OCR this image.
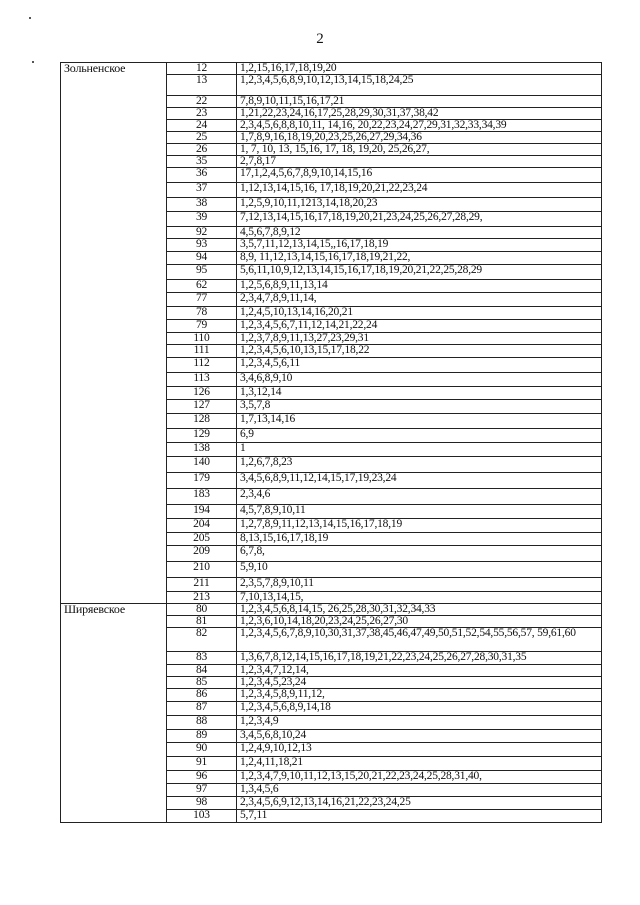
2
Зольненское	12	1,2,15,16,17,18,19,20
	13	1,2,3,4,5,6,8,9,10,12,13,14,15,18,24,25
	22	7,8,9,10,11,15,16,17,21
	23	1,21,22,23,24,16,17,25,28,29,30,31,37,38,42
	24	2,3,4,5,6,8,8,10,11, 14,16, 20,22,23,24,27,29,31,32,33,34,39
	25	1,7,8,9,16,18,19,20,23,25,26,27,29,34,36
	26	1, 7, 10, 13, 15,16, 17, 18, 19,20, 25,26,27,
	35	2,7,8,17
	36	17,1,2,4,5,6,7,8,9,10,14,15,16
	37	1,12,13,14,15,16, 17,18,19,20,21,22,23,24
	38	1,2,5,9,10,11,1213,14,18,20,23
	39	7,12,13,14,15,16,17,18,19,20,21,23,24,25,26,27,28,29,
	92	4,5,6,7,8,9,12
	93	3,5,7,11,12,13,14,15,,16,17,18,19
	94	8,9, 11,12,13,14,15,16,17,18,19,21,22,
	95	5,6,11,10,9,12,13,14,15,16,17,18,19,20,21,22,25,28,29
	62	1,2,5,6,8,9,11,13,14
	77	2,3,4,7,8,9,11,14,
	78	1,2,4,5,10,13,14,16,20,21
	79	1,2,3,4,5,6,7,11,12,14,21,22,24
	110	1,2,3,7,8,9,11,13,27,23,29,31
	111	1,2,3,4,5,6,10,13,15,17,18,22
	112	1,2,3,4,5,6,11
	113	3,4,6,8,9,10
	126	1,3,12,14
	127	3,5,7,8
	128	1,7,13,14,16
	129	6,9
	138	1
	140	1,2,6,7,8,23
	179	3,4,5,6,8,9,11,12,14,15,17,19,23,24
	183	2,3,4,6
	194	4,5,7,8,9,10,11
	204	1,2,7,8,9,11,12,13,14,15,16,17,18,19
	205	8,13,15,16,17,18,19
	209	6,7,8,
	210	5,9,10
	211	2,3,5,7,8,9,10,11
	213	7,10,13,14,15,
Ширяевское	80	1,2,3,4,5,6,8,14,15, 26,25,28,30,31,32,34,33
	81	1,2,3,6,10,14,18,20,23,24,25,26,27,30
	82	1,2,3,4,5,6,7,8,9,10,30,31,37,38,45,46,47,49,50,51,52,54,55,56,57, 59,61,60
	83	1,3,6,7,8,12,14,15,16,17,18,19,21,22,23,24,25,26,27,28,30,31,35
	84	1,2,3,4,7,12,14,
	85	1,2,3,4,5,23,24
	86	1,2,3,4,5,8,9,11,12,
	87	1,2,3,4,5,6,8,9,14,18
	88	1,2,3,4,9
	89	3,4,5,6,8,10,24
	90	1,2,4,9,10,12,13
	91	1,2,4,11,18,21
	96	1,2,3,4,7,9,10,11,12,13,15,20,21,22,23,24,25,28,31,40,
	97	1,3,4,5,6
	98	2,3,4,5,6,9,12,13,14,16,21,22,23,24,25
	103	5,7,11
